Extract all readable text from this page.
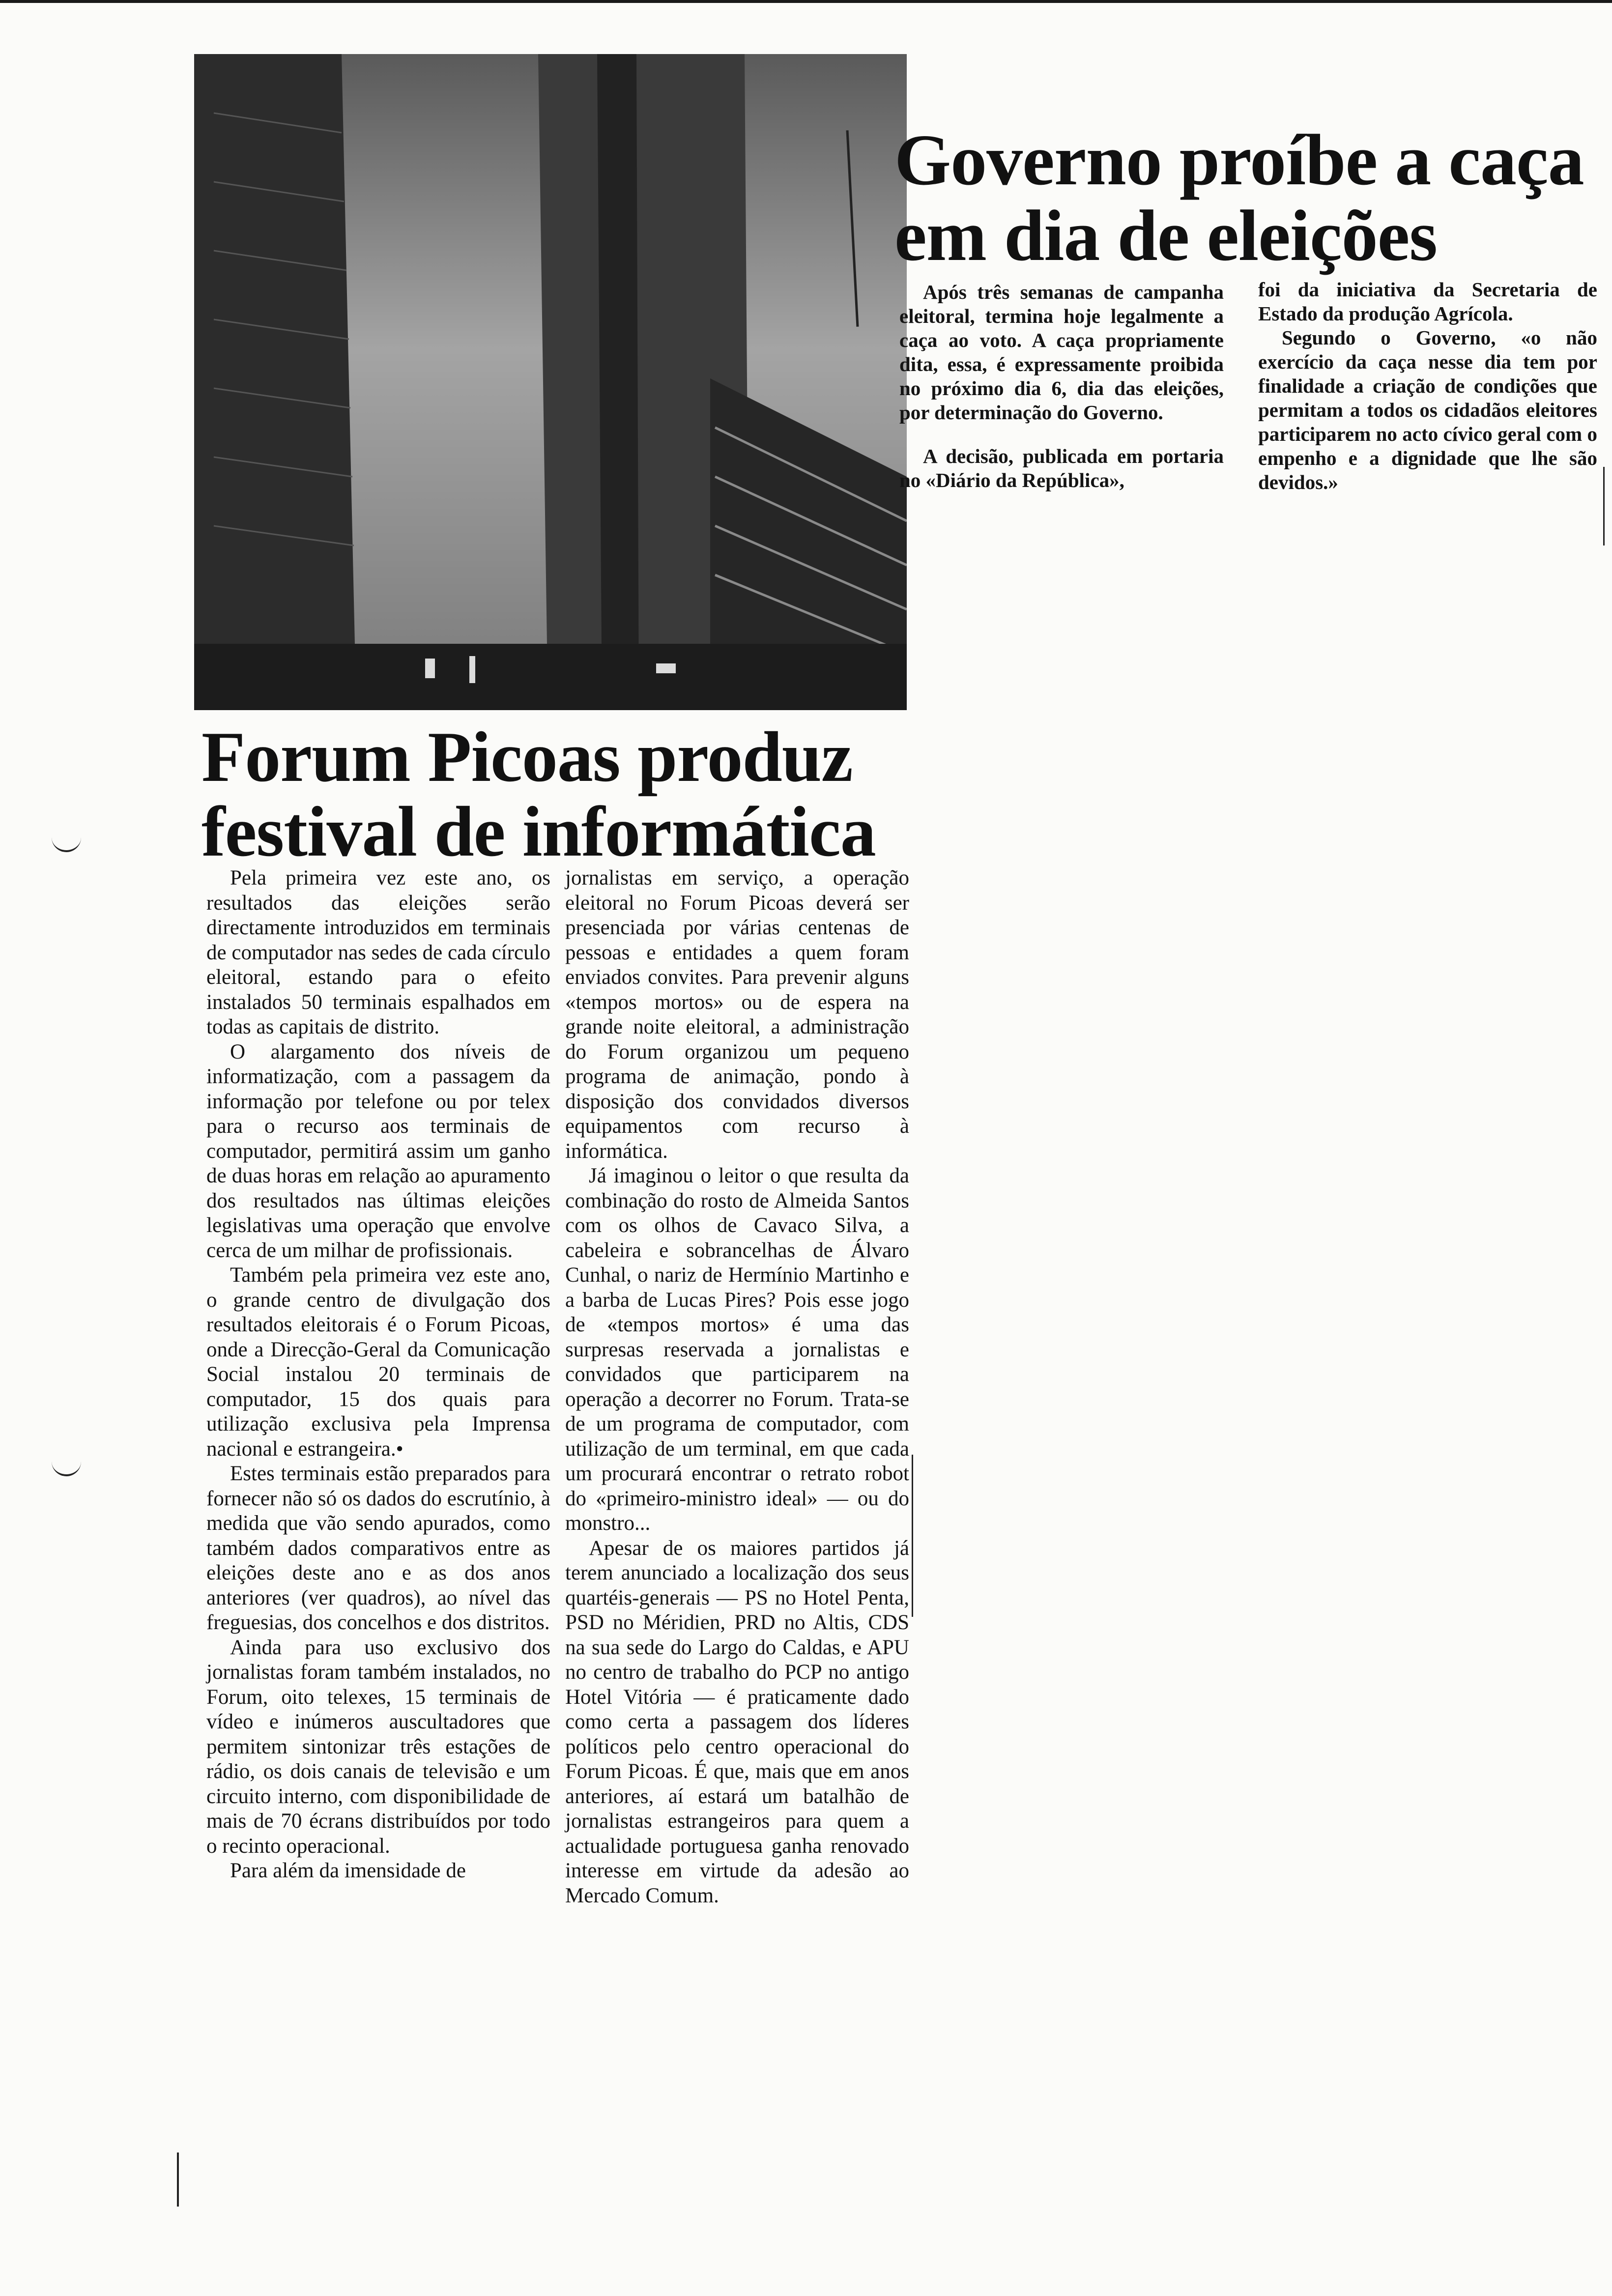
Governo proíbe a caça em dia de eleições

Após três semanas de campanha eleitoral, termina hoje legalmente a caça ao voto. A caça propriamente dita, essa, é expressamente proibida no próximo dia 6, dia das eleições, por determinação do Governo.

A decisão, publicada em portaria no «Diário da República»,

foi da iniciativa da Secretaria de Estado da produção Agrícola.

Segundo o Governo, «o não exercício da caça nesse dia tem por finalidade a criação de condições que permitam a todos os cidadãos eleitores participarem no acto cívico geral com o empenho e a dignidade que lhe são devidos.»

Forum Picoas produz festival de informática

Pela primeira vez este ano, os resultados das eleições serão directamente introduzidos em terminais de computador nas sedes de cada círculo eleitoral, estando para o efeito instalados 50 terminais espalhados em todas as capitais de distrito.

O alargamento dos níveis de informatização, com a passagem da informação por telefone ou por telex para o recurso aos terminais de computador, permitirá assim um ganho de duas horas em relação ao apuramento dos resultados nas últimas eleições legislativas uma operação que envolve cerca de um milhar de profissionais.

Também pela primeira vez este ano, o grande centro de divulgação dos resultados eleitorais é o Forum Picoas, onde a Direcção-Geral da Comunicação Social instalou 20 terminais de computador, 15 dos quais para utilização exclusiva pela Imprensa nacional e estrangeira.•

Estes terminais estão preparados para fornecer não só os dados do escrutínio, à medida que vão sendo apurados, como também dados comparativos entre as eleições deste ano e as dos anos anteriores (ver quadros), ao nível das freguesias, dos concelhos e dos distritos.

Ainda para uso exclusivo dos jornalistas foram também instalados, no Forum, oito telexes, 15 terminais de vídeo e inúmeros auscultadores que permitem sintonizar três estações de rádio, os dois canais de televisão e um circuito interno, com disponibilidade de mais de 70 écrans distribuídos por todo o recinto operacional.

Para além da imensidade de

jornalistas em serviço, a operação eleitoral no Forum Picoas deverá ser presenciada por várias centenas de pessoas e entidades a quem foram enviados convites. Para prevenir alguns «tempos mortos» ou de espera na grande noite eleitoral, a administração do Forum organizou um pequeno programa de animação, pondo à disposição dos convidados diversos equipamentos com recurso à informática.

Já imaginou o leitor o que resulta da combinação do rosto de Almeida Santos com os olhos de Cavaco Silva, a cabeleira e sobrancelhas de Álvaro Cunhal, o nariz de Hermínio Martinho e a barba de Lucas Pires? Pois esse jogo de «tempos mortos» é uma das surpresas reservada a jornalistas e convidados que participarem na operação a decorrer no Forum. Trata-se de um programa de computador, com utilização de um terminal, em que cada um procurará encontrar o retrato robot do «primeiro-ministro ideal» — ou do monstro...

Apesar de os maiores partidos já terem anunciado a localização dos seus quartéis-generais — PS no Hotel Penta, PSD no Méridien, PRD no Altis, CDS na sua sede do Largo do Caldas, e APU no centro de trabalho do PCP no antigo Hotel Vitória — é praticamente dado como certa a passagem dos líderes políticos pelo centro operacional do Forum Picoas. É que, mais que em anos anteriores, aí estará um batalhão de jornalistas estrangeiros para quem a actualidade portuguesa ganha renovado interesse em virtude da adesão ao Mercado Comum.
